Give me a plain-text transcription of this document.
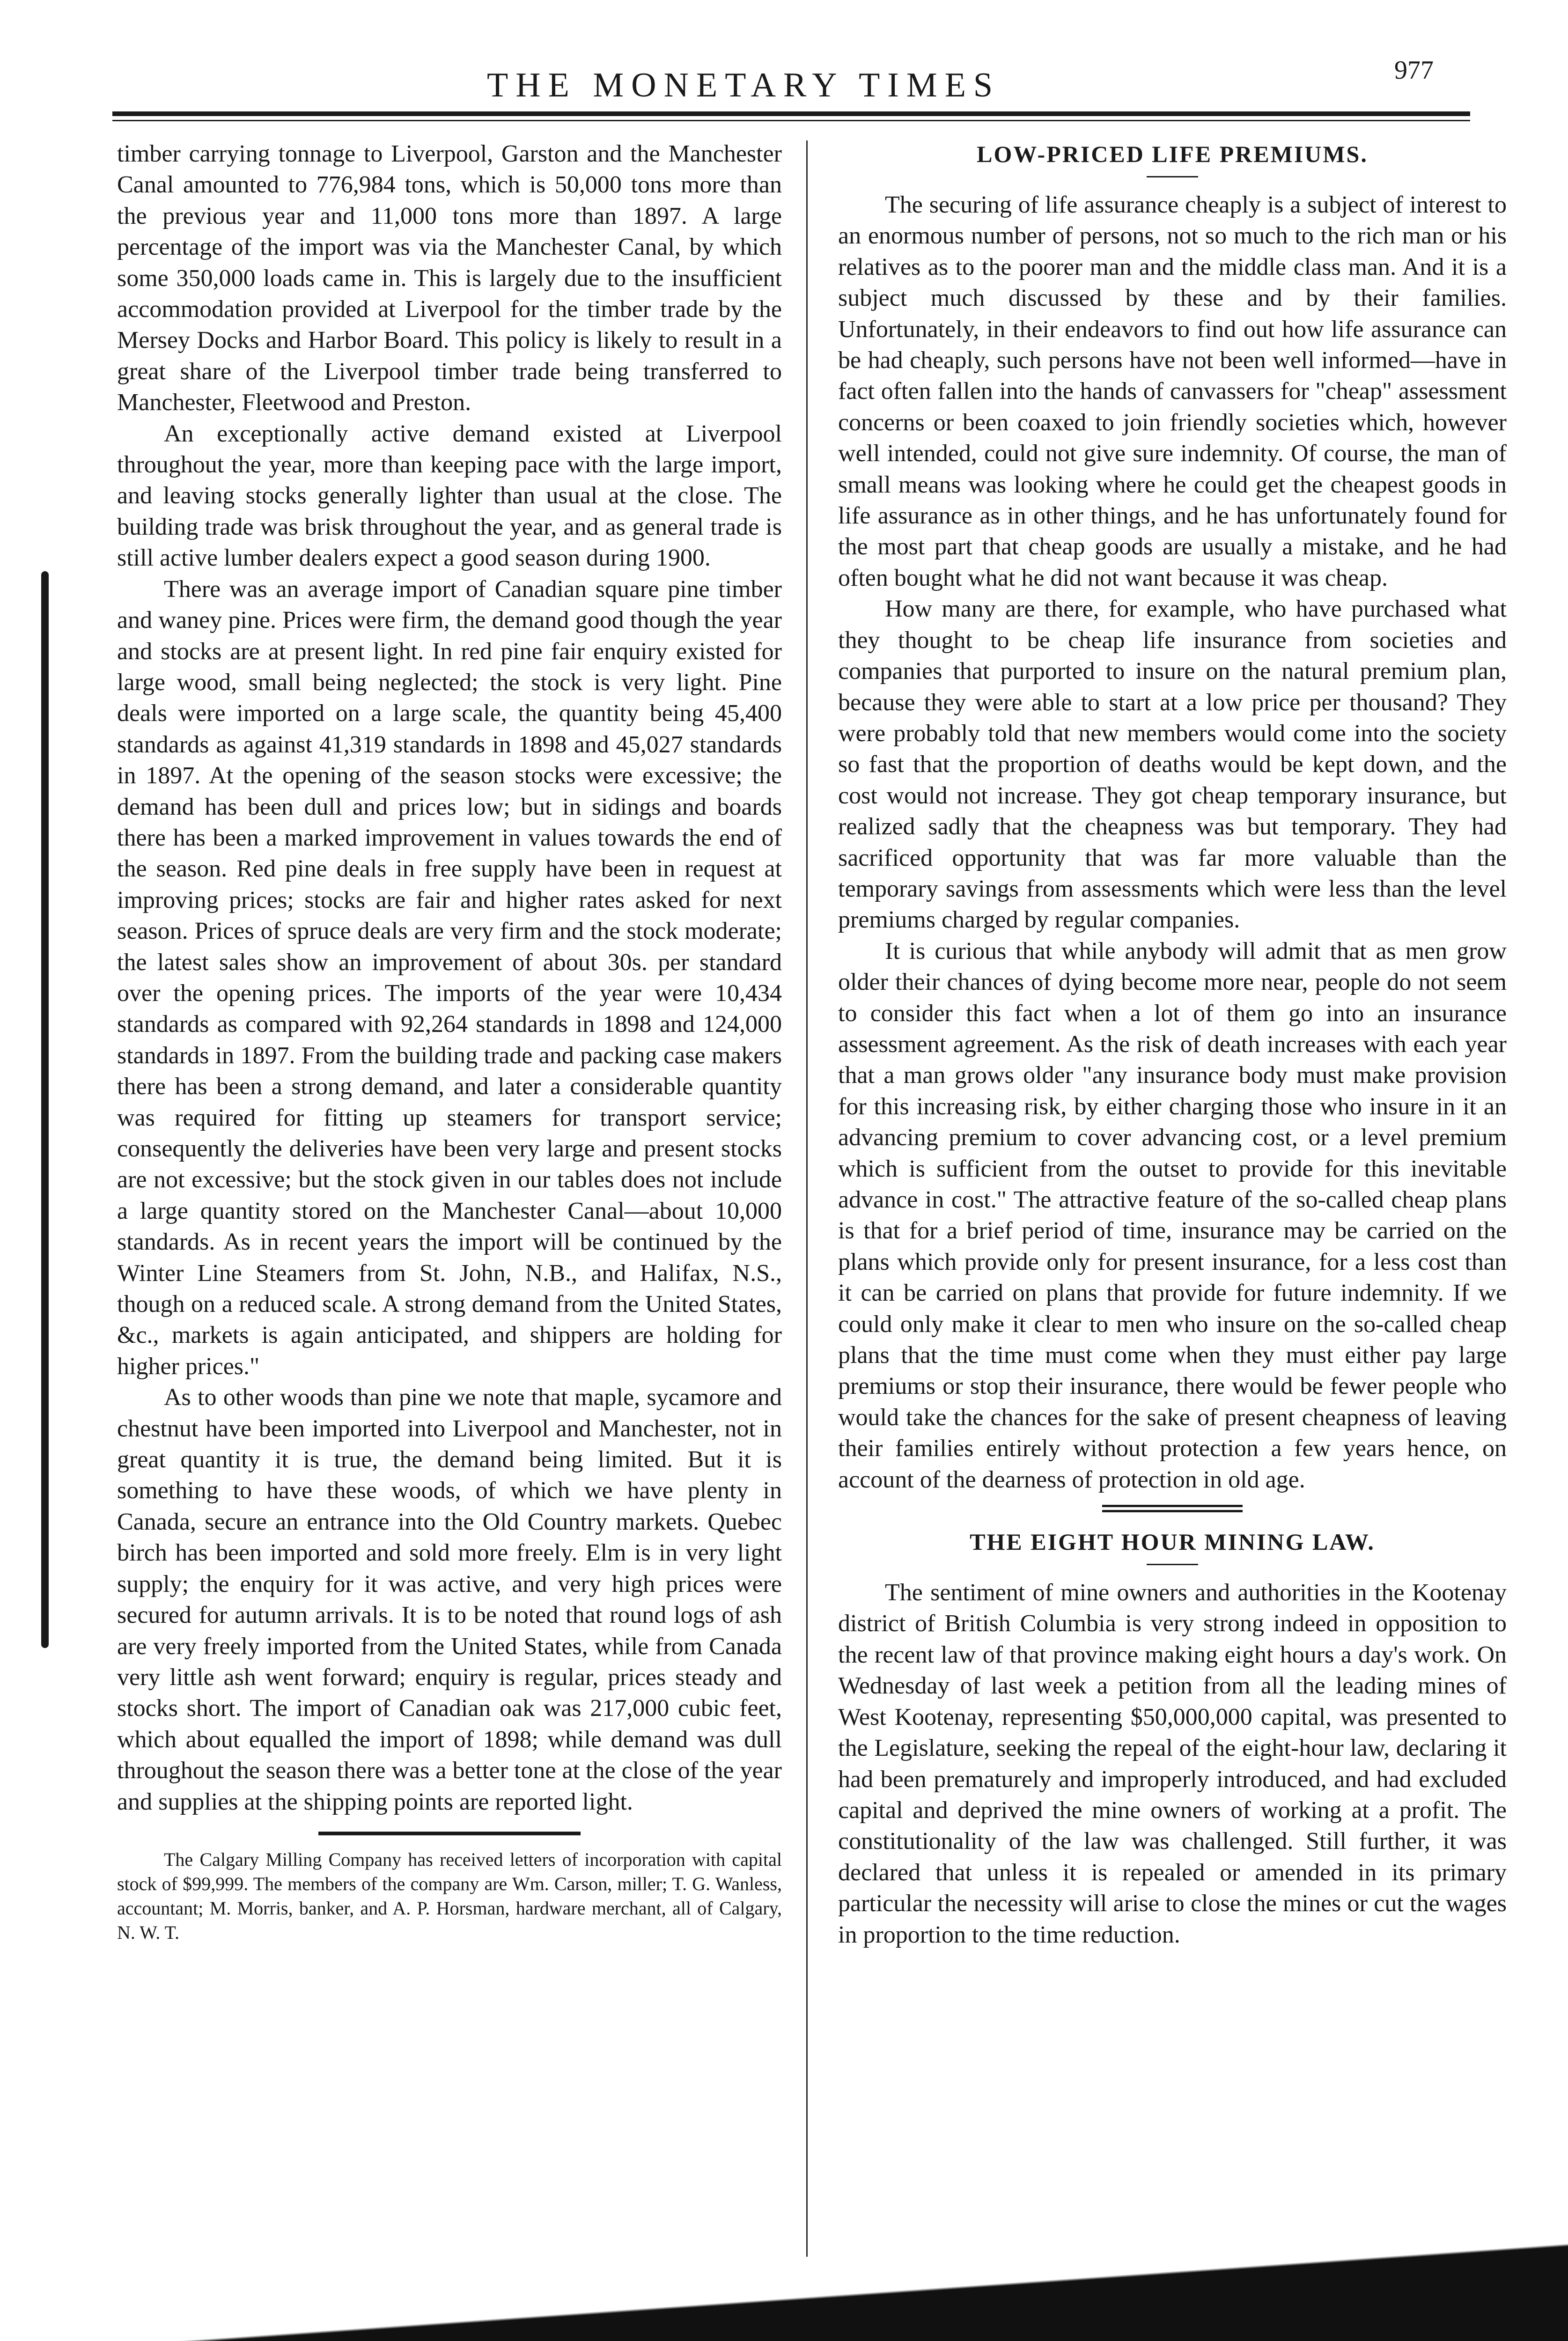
THE MONETARY TIMES	977

timber carrying tonnage to Liverpool, Garston and the Manchester Canal amounted to 776,984 tons, which is 50,000 tons more than the previous year and 11,000 tons more than 1897. A large percentage of the import was via the Manchester Canal, by which some 350,000 loads came in. This is largely due to the insufficient accommodation provided at Liverpool for the timber trade by the Mersey Docks and Harbor Board. This policy is likely to result in a great share of the Liverpool timber trade being transferred to Manchester, Fleetwood and Preston.

An exceptionally active demand existed at Liverpool throughout the year, more than keeping pace with the large import, and leaving stocks generally lighter than usual at the close. The building trade was brisk throughout the year, and as general trade is still active lumber dealers expect a good season during 1900.

There was an average import of Canadian square pine timber and waney pine. Prices were firm, the demand good though the year and stocks are at present light. In red pine fair enquiry existed for large wood, small being neglected; the stock is very light. Pine deals were imported on a large scale, the quantity being 45,400 standards as against 41,319 standards in 1898 and 45,027 standards in 1897. At the opening of the season stocks were excessive; the demand has been dull and prices low; but in sidings and boards there has been a marked improvement in values towards the end of the season. Red pine deals in free supply have been in request at improving prices; stocks are fair and higher rates asked for next season. Prices of spruce deals are very firm and the stock moderate; the latest sales show an improvement of about 30s. per standard over the opening prices. The imports of the year were 10,434 standards as compared with 92,264 standards in 1898 and 124,000 standards in 1897. From the building trade and packing case makers there has been a strong demand, and later a considerable quantity was required for fitting up steamers for transport service; consequently the deliveries have been very large and present stocks are not excessive; but the stock given in our tables does not include a large quantity stored on the Manchester Canal—about 10,000 standards. As in recent years the import will be continued by the Winter Line Steamers from St. John, N.B., and Halifax, N.S., though on a reduced scale. A strong demand from the United States, &c., markets is again anticipated, and shippers are holding for higher prices."

As to other woods than pine we note that maple, sycamore and chestnut have been imported into Liverpool and Manchester, not in great quantity it is true, the demand being limited. But it is something to have these woods, of which we have plenty in Canada, secure an entrance into the Old Country markets. Quebec birch has been imported and sold more freely. Elm is in very light supply; the enquiry for it was active, and very high prices were secured for autumn arrivals. It is to be noted that round logs of ash are very freely imported from the United States, while from Canada very little ash went forward; enquiry is regular, prices steady and stocks short. The import of Canadian oak was 217,000 cubic feet, which about equalled the import of 1898; while demand was dull throughout the season there was a better tone at the close of the year and supplies at the shipping points are reported light.

The Calgary Milling Company has received letters of incorporation with capital stock of $99,999. The members of the company are Wm. Carson, miller; T. G. Wanless, accountant; M. Morris, banker, and A. P. Horsman, hardware merchant, all of Calgary, N. W. T.

LOW-PRICED LIFE PREMIUMS.

The securing of life assurance cheaply is a subject of interest to an enormous number of persons, not so much to the rich man or his relatives as to the poorer man and the middle class man. And it is a subject much discussed by these and by their families. Unfortunately, in their endeavors to find out how life assurance can be had cheaply, such persons have not been well informed—have in fact often fallen into the hands of canvassers for "cheap" assessment concerns or been coaxed to join friendly societies which, however well intended, could not give sure indemnity. Of course, the man of small means was looking where he could get the cheapest goods in life assurance as in other things, and he has unfortunately found for the most part that cheap goods are usually a mistake, and he had often bought what he did not want because it was cheap.

How many are there, for example, who have purchased what they thought to be cheap life insurance from societies and companies that purported to insure on the natural premium plan, because they were able to start at a low price per thousand? They were probably told that new members would come into the society so fast that the proportion of deaths would be kept down, and the cost would not increase. They got cheap temporary insurance, but realized sadly that the cheapness was but temporary. They had sacrificed opportunity that was far more valuable than the temporary savings from assessments which were less than the level premiums charged by regular companies.

It is curious that while anybody will admit that as men grow older their chances of dying become more near, people do not seem to consider this fact when a lot of them go into an insurance assessment agreement. As the risk of death increases with each year that a man grows older "any insurance body must make provision for this increasing risk, by either charging those who insure in it an advancing premium to cover advancing cost, or a level premium which is sufficient from the outset to provide for this inevitable advance in cost." The attractive feature of the so-called cheap plans is that for a brief period of time, insurance may be carried on the plans which provide only for present insurance, for a less cost than it can be carried on plans that provide for future indemnity. If we could only make it clear to men who insure on the so-called cheap plans that the time must come when they must either pay large premiums or stop their insurance, there would be fewer people who would take the chances for the sake of present cheapness of leaving their families entirely without protection a few years hence, on account of the dearness of protection in old age.

THE EIGHT HOUR MINING LAW.

The sentiment of mine owners and authorities in the Kootenay district of British Columbia is very strong indeed in opposition to the recent law of that province making eight hours a day's work. On Wednesday of last week a petition from all the leading mines of West Kootenay, representing $50,000,000 capital, was presented to the Legislature, seeking the repeal of the eight-hour law, declaring it had been prematurely and improperly introduced, and had excluded capital and deprived the mine owners of working at a profit. The constitutionality of the law was challenged. Still further, it was declared that unless it is repealed or amended in its primary particular the necessity will arise to close the mines or cut the wages in proportion to the time reduction.
